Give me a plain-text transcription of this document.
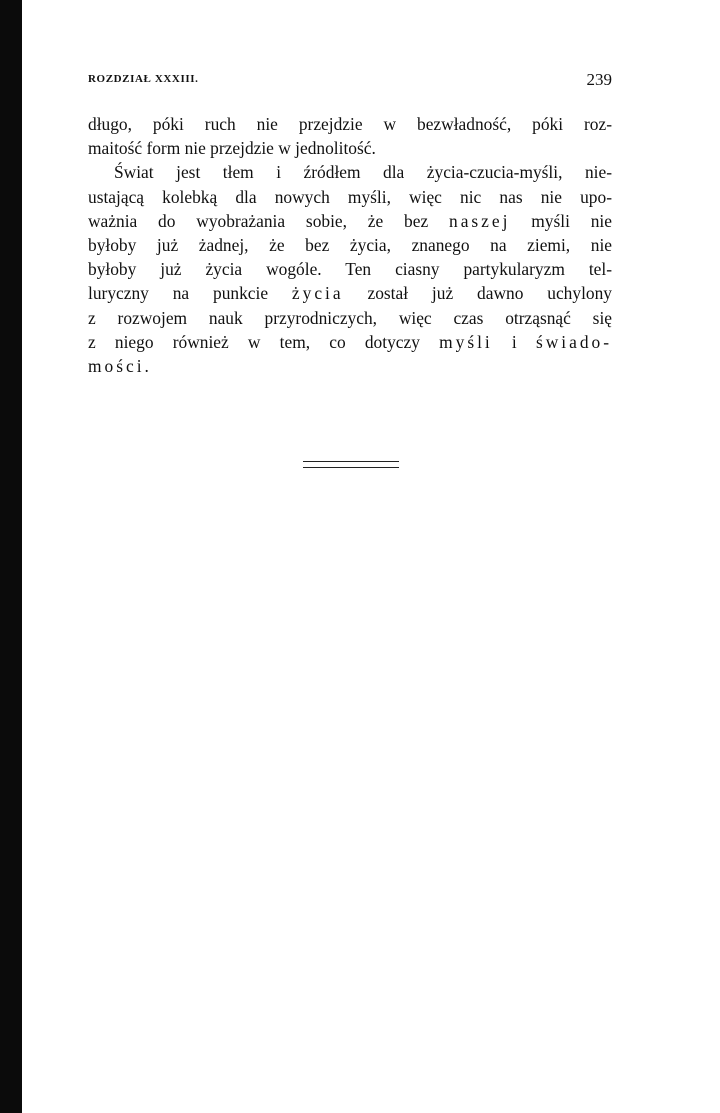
ROZDZIAŁ XXXIII.	239
długo, póki ruch nie przejdzie w bezwładność, póki roz‑
maitość form nie przejdzie w jednolitość.
Świat jest tłem i źródłem dla życia‑czucia‑myśli, nie‑
ustającą kolebką dla nowych myśli, więc nic nas nie upo‑
ważnia do wyobrażania sobie, że bez naszej myśli nie
byłoby już żadnej, że bez życia, znanego na ziemi, nie
byłoby już życia wogóle. Ten ciasny partykularyzm tel‑
luryczny na punkcie życia został już dawno uchylony
z rozwojem nauk przyrodniczych, więc czas otrząsnąć się
z niego również w tem, co dotyczy myśli i świado‑
mości.
